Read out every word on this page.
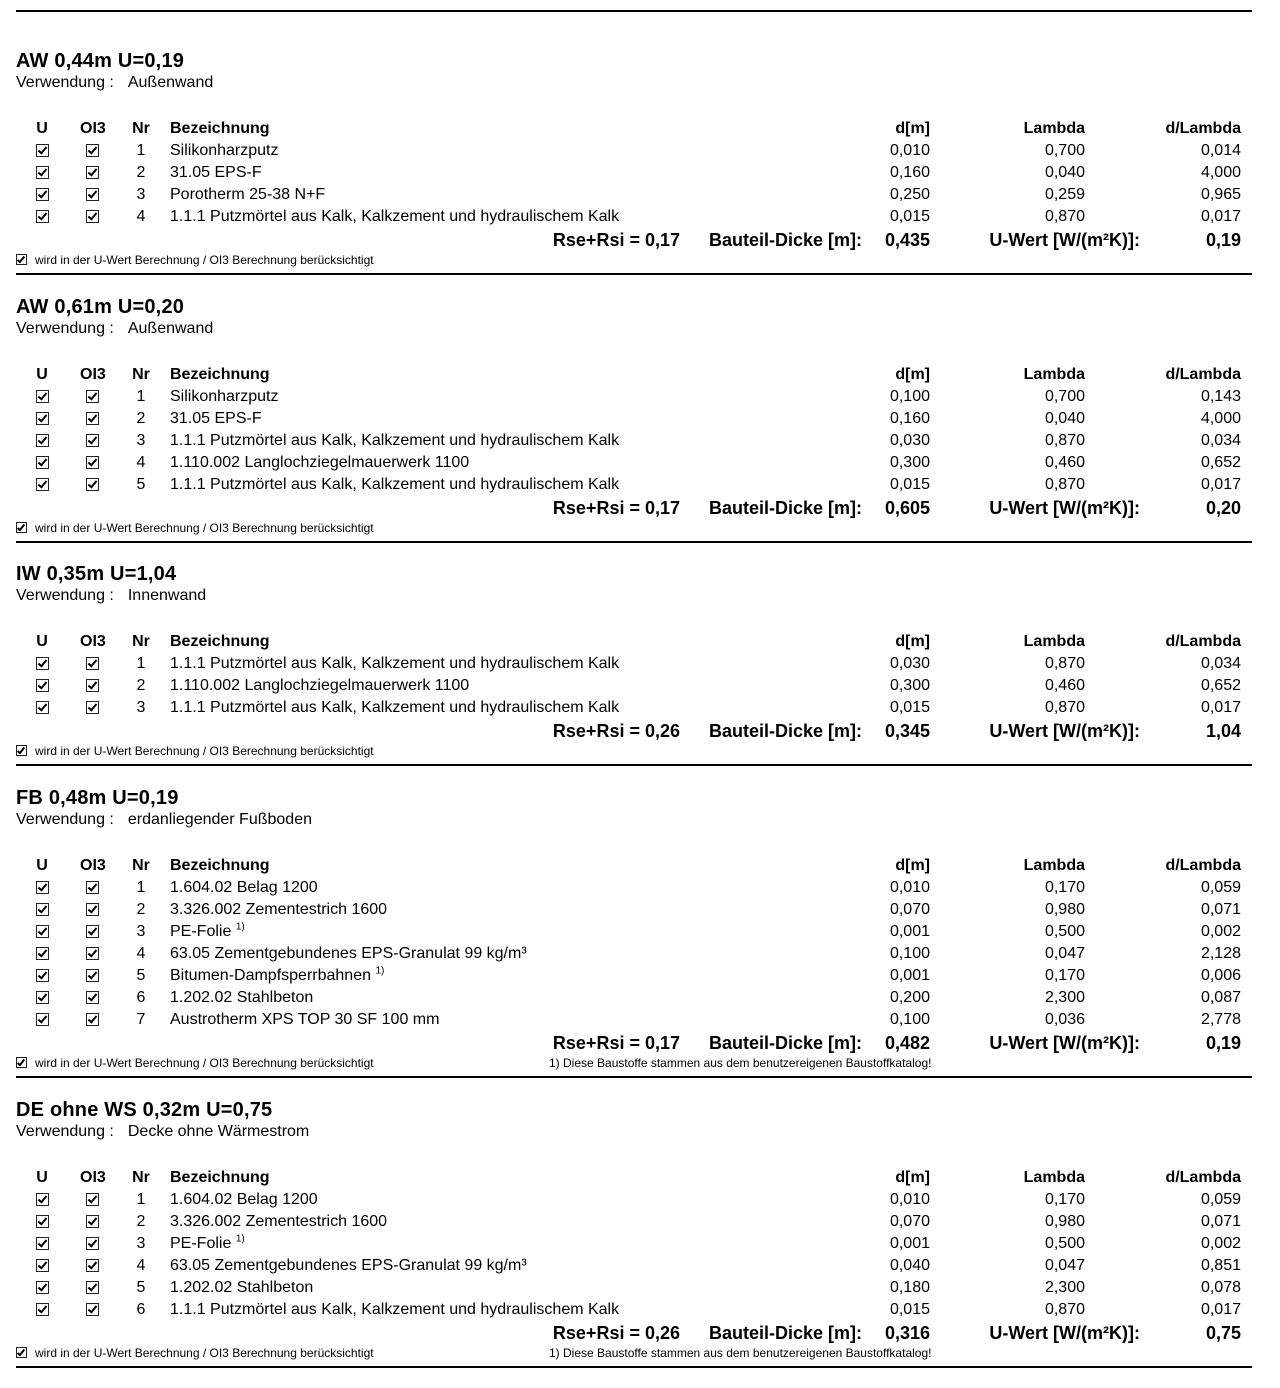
AW 0,44m U=0,19
Verwendung : Außenwand
U OI3 Nr Bezeichnung	d[m]	Lambda	d/Lambda
1	Silikonharzputz	0,010	0,700	0,014
2	31.05 EPS-F	0,160	0,040	4,000
3	Porotherm 25-38 N+F	0,250	0,259	0,965
4	1.1.1 Putzmörtel aus Kalk, Kalkzement und hydraulischem Kalk	0,015	0,870	0,017
Rse+Rsi = 0,17 Bauteil-Dicke [m]: 0,435	U-Wert [W/(m²K)]:	0,19
wird in der U-Wert Berechnung / OI3 Berechnung berücksichtigt
AW 0,61m U=0,20
Verwendung : Außenwand
U OI3 Nr Bezeichnung	d[m]	Lambda	d/Lambda
1	Silikonharzputz	0,100	0,700	0,143
2	31.05 EPS-F	0,160	0,040	4,000
3	1.1.1 Putzmörtel aus Kalk, Kalkzement und hydraulischem Kalk	0,030	0,870	0,034
4	1.110.002 Langlochziegelmauerwerk 1100	0,300	0,460	0,652
5	1.1.1 Putzmörtel aus Kalk, Kalkzement und hydraulischem Kalk	0,015	0,870	0,017
Rse+Rsi = 0,17 Bauteil-Dicke [m]: 0,605	U-Wert [W/(m²K)]:	0,20
wird in der U-Wert Berechnung / OI3 Berechnung berücksichtigt
IW 0,35m U=1,04
Verwendung : Innenwand
U OI3 Nr Bezeichnung	d[m]	Lambda	d/Lambda
1	1.1.1 Putzmörtel aus Kalk, Kalkzement und hydraulischem Kalk	0,030	0,870	0,034
2	1.110.002 Langlochziegelmauerwerk 1100	0,300	0,460	0,652
3	1.1.1 Putzmörtel aus Kalk, Kalkzement und hydraulischem Kalk	0,015	0,870	0,017
Rse+Rsi = 0,26 Bauteil-Dicke [m]: 0,345	U-Wert [W/(m²K)]:	1,04
wird in der U-Wert Berechnung / OI3 Berechnung berücksichtigt
FB 0,48m U=0,19
Verwendung : erdanliegender Fußboden
U OI3 Nr Bezeichnung	d[m]	Lambda	d/Lambda
1	1.604.02 Belag 1200	0,010	0,170	0,059
2	3.326.002 Zementestrich 1600	0,070	0,980	0,071
3	PE-Folie $^{1)}$	0,001	0,500	0,002
4	63.05 Zementgebundenes EPS-Granulat 99 kg/m³	0,100	0,047	2,128
5	Bitumen-Dampfsperrbahnen $^{1)}$	0,001	0,170	0,006
6	1.202.02 Stahlbeton	0,200	2,300	0,087
7	Austrotherm XPS TOP 30 SF 100 mm	0,100	0,036	2,778
Rse+Rsi = 0,17 Bauteil-Dicke [m]: 0,482	U-Wert [W/(m²K)]:	0,19
wird in der U-Wert Berechnung / OI3 Berechnung berücksichtigt	1) Diese Baustoffe stammen aus dem benutzereigenen Baustoffkatalog!
DE ohne WS 0,32m U=0,75
Verwendung : Decke ohne Wärmestrom
U OI3 Nr Bezeichnung	d[m]	Lambda	d/Lambda
1	1.604.02 Belag 1200	0,010	0,170	0,059
2	3.326.002 Zementestrich 1600	0,070	0,980	0,071
3	PE-Folie $^{1)}$	0,001	0,500	0,002
4	63.05 Zementgebundenes EPS-Granulat 99 kg/m³	0,040	0,047	0,851
5	1.202.02 Stahlbeton	0,180	2,300	0,078
6	1.1.1 Putzmörtel aus Kalk, Kalkzement und hydraulischem Kalk	0,015	0,870	0,017
Rse+Rsi = 0,26 Bauteil-Dicke [m]: 0,316	U-Wert [W/(m²K)]:	0,75
wird in der U-Wert Berechnung / OI3 Berechnung berücksichtigt	1) Diese Baustoffe stammen aus dem benutzereigenen Baustoffkatalog!
